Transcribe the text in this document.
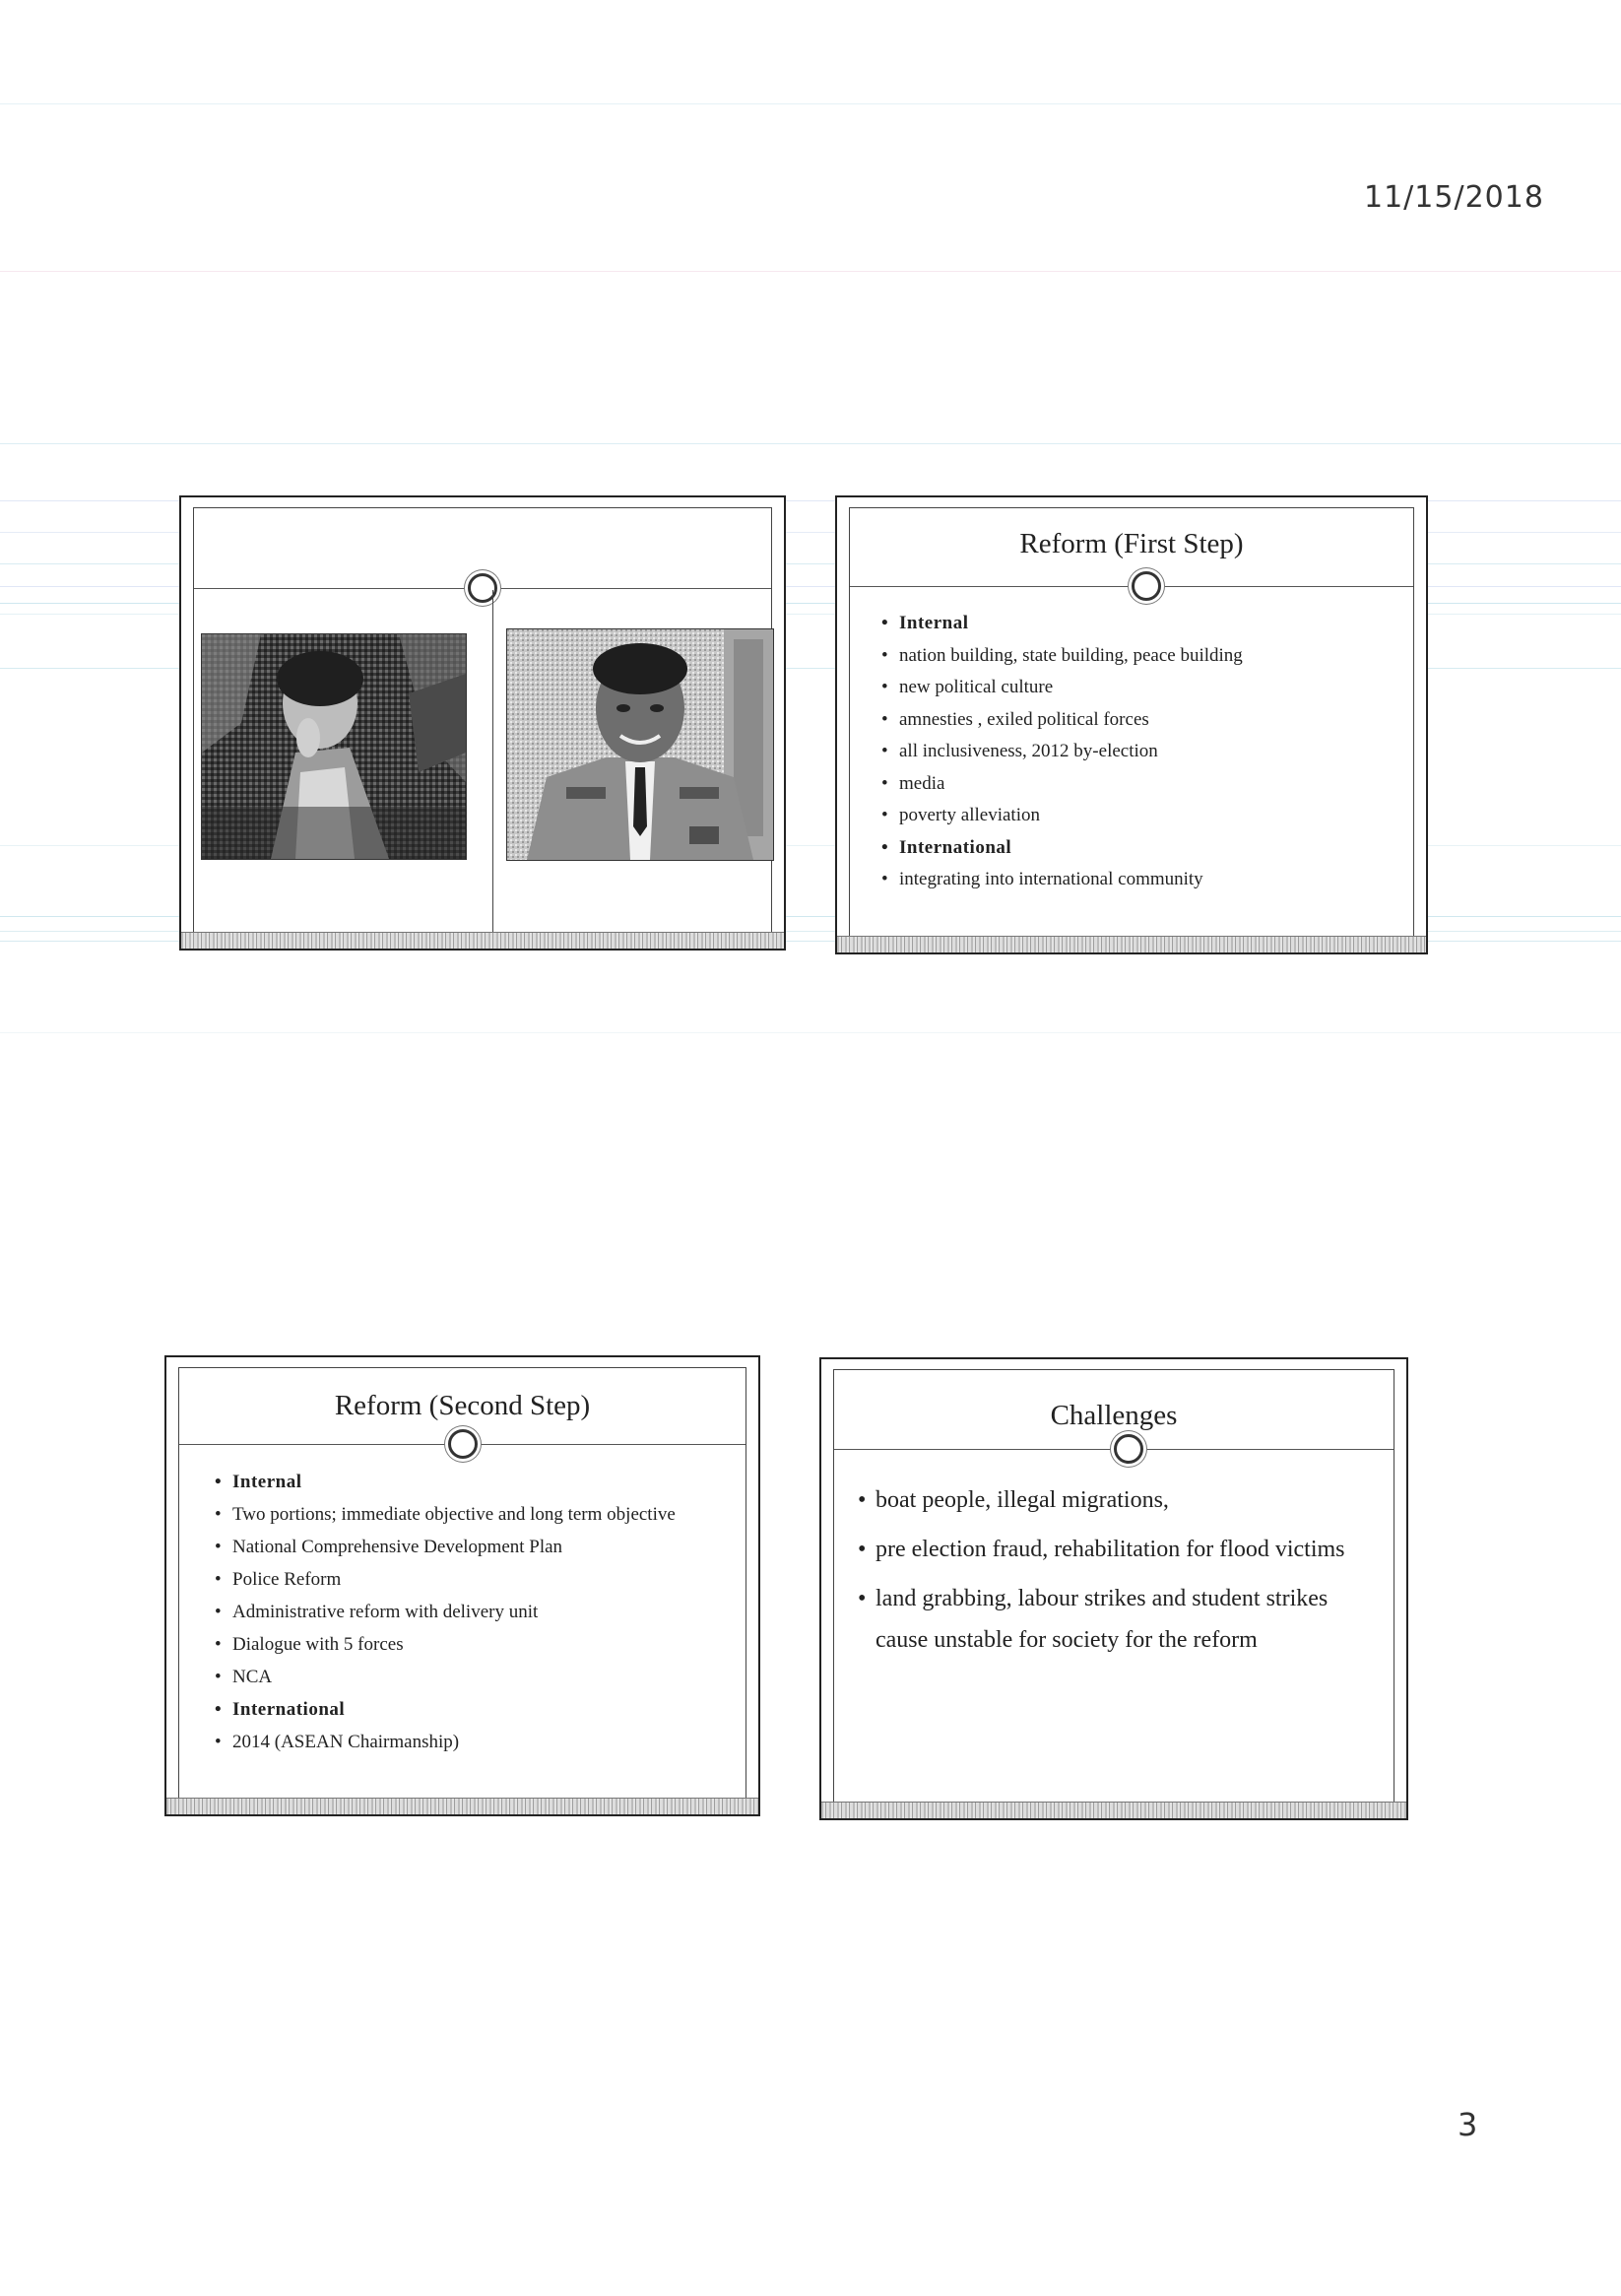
11/15/2018
Reform (First Step)
• Internal
• nation building, state building, peace building
• new political culture
• amnesties , exiled political forces
• all inclusiveness, 2012 by-election
• media
• poverty alleviation
• International
• integrating into international community
Reform (Second Step)
• Internal
• Two portions; immediate objective and long term objective
• National Comprehensive Development Plan
• Police Reform
• Administrative reform with delivery unit
• Dialogue with 5 forces
• NCA
• International
• 2014 (ASEAN Chairmanship)
Challenges
• boat people, illegal migrations,
• pre election fraud, rehabilitation for flood victims
• land grabbing, labour strikes and student strikes
cause unstable for society for the reform
3
